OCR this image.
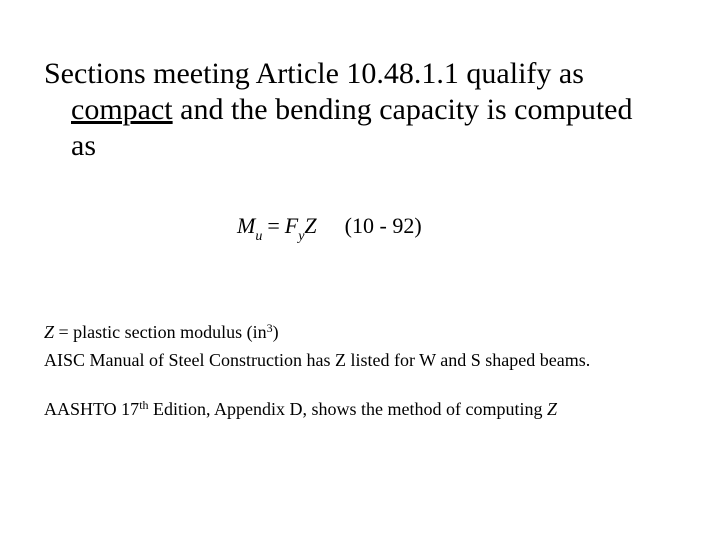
Sections meeting Article 10.48.1.1 qualify as
compact and the bending capacity is computed
as
$M_u = F_yZ$ (10 - 92)

Z = plastic section modulus $(in^3)$

AISC Manual of Steel Construction has Z listed for W and S shaped beams.

AASHTO 17th Edition, Appendix D, shows the method of computing Z
